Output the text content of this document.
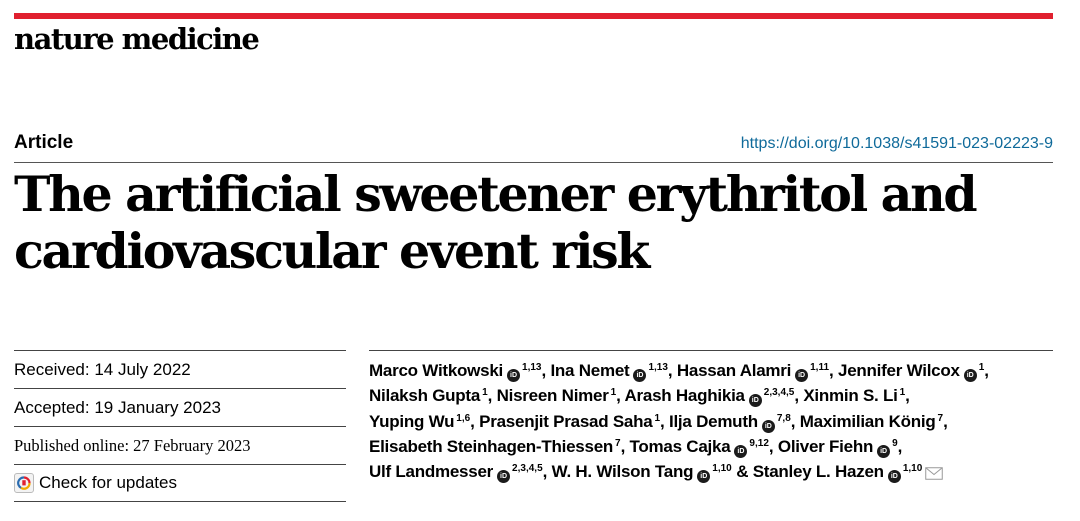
nature medicine
Article	https://doi.org/10.1038/s41591-023-02223-9
The artificial sweetener erythritol and
cardiovascular event risk
Received: 14 July 2022
Accepted: 19 January 2023
Published online: 27 February 2023
Check for updates
Marco Witkowski iD$^{1,13}$, Ina Nemet iD$^{1,13}$, Hassan Alamri iD$^{1,11}$, Jennifer Wilcox iD$^1$,
Nilaksh Gupta $^1$, Nisreen Nimer $^1$, Arash Haghikia iD$^{2,3,4,5}$, Xinmin S. Li $^1$,
Yuping Wu $^{1,6}$, Prasenjit Prasad Saha $^1$, Ilja Demuth iD$^{7,8}$, Maximilian König $^7$,
Elisabeth Steinhagen-Thiessen $^7$, Tomas Cajka iD$^{9,12}$, Oliver Fiehn iD$^9$,
Ulf Landmesser iD$^{2,3,4,5}$, W. H. Wilson Tang iD$^{1,10}$ & Stanley L. Hazen iD$^{1,10}$
